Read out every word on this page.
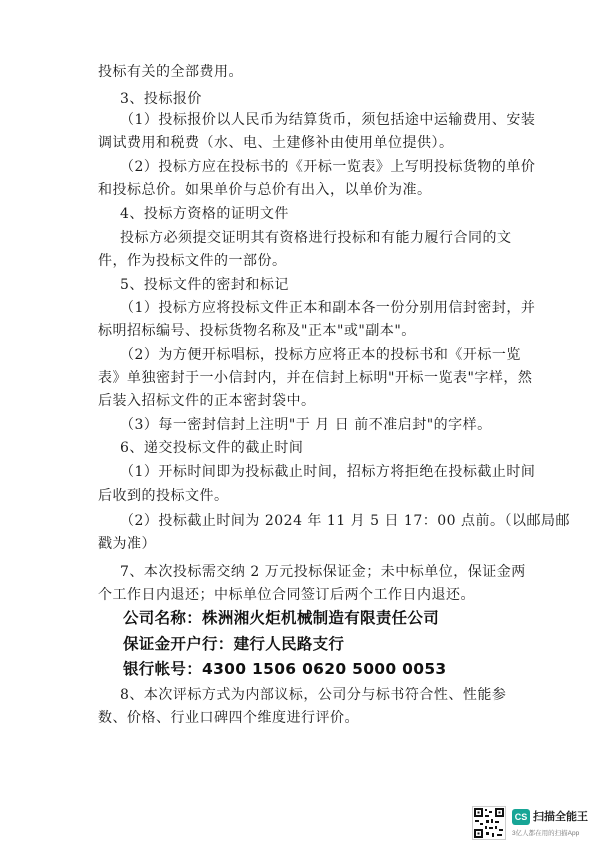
投标有关的全部费用。
3、投标报价
（1）投标报价以人民币为结算货币，须包括途中运输费用、安装
调试费用和税费（水、电、土建修补由使用单位提供）。
（2）投标方应在投标书的《开标一览表》上写明投标货物的单价
和投标总价。如果单价与总价有出入，以单价为准。
4、投标方资格的证明文件
投标方必须提交证明其有资格进行投标和有能力履行合同的文
件，作为投标文件的一部份。
5、投标文件的密封和标记
（1）投标方应将投标文件正本和副本各一份分别用信封密封，并
标明招标编号、投标货物名称及"正本"或"副本"。
（2）为方便开标唱标，投标方应将正本的投标书和《开标一览
表》单独密封于一小信封内，并在信封上标明"开标一览表"字样，然
后装入招标文件的正本密封袋中。
（3）每一密封信封上注明"于 月 日 前不准启封"的字样。
6、递交投标文件的截止时间
（1）开标时间即为投标截止时间，招标方将拒绝在投标截止时间
后收到的投标文件。
（2）投标截止时间为 2024 年 11 月 5 日 17：00 点前。（以邮局邮
戳为准）
7、本次投标需交纳 2 万元投标保证金；未中标单位，保证金两
个工作日内退还；中标单位合同签订后两个工作日内退还。
公司名称：株洲湘火炬机械制造有限责任公司
保证金开户行：建行人民路支行
银行帐号：4300 1506 0620 5000 0053
8、本次评标方式为内部议标，公司分与标书符合性、性能参
数、价格、行业口碑四个维度进行评价。
CS 扫描全能王
3亿人都在用的扫描App
